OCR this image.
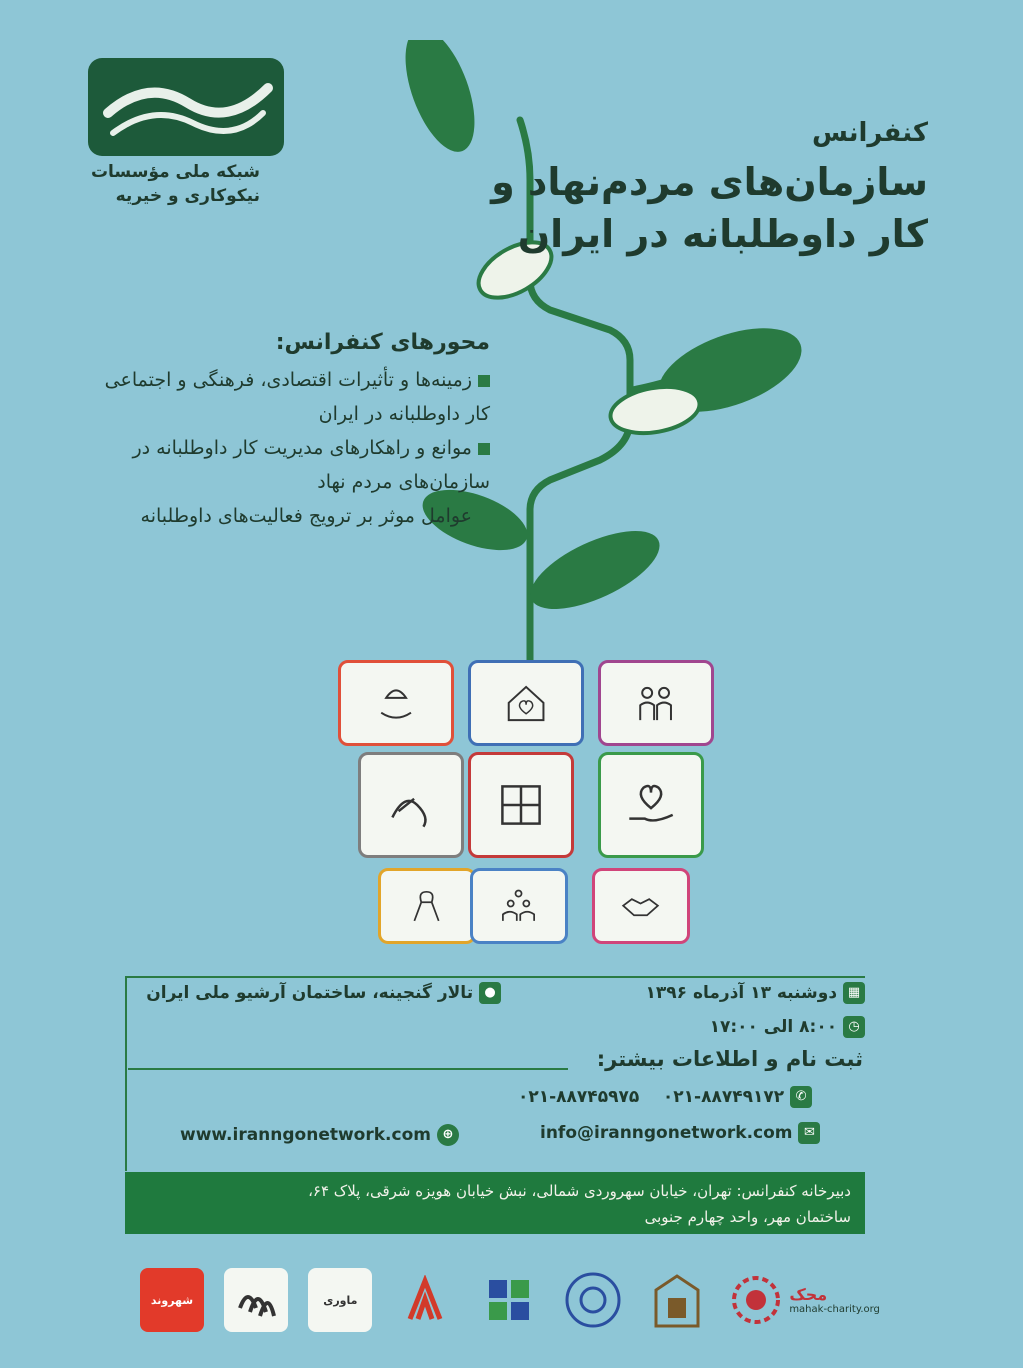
شبکه ملی مؤسسات
نیکوکاری و خیریه
کنفرانس
سازمان‌های مردم‌نهاد و
کار داوطلبانه در ایران
محورهای کنفرانس:
زمینه‌ها و تأثیرات اقتصادی، فرهنگی و اجتماعی کار داوطلبانه در ایران
موانع و راهکارهای مدیریت کار داوطلبانه در سازمان‌های مردم نهاد
عوامل موثر بر ترویج فعالیت‌های داوطلبانه
▦ دوشنبه ۱۳ آذرماه ۱۳۹۶
◷ ۸:۰۰ الی ۱۷:۰۰
● تالار گنجینه، ساختمان آرشیو ملی ایران
ثبت نام و اطلاعات بیشتر:
۰۲۱-۸۸۷۴۵۹۷۵ ۰۲۱-۸۸۷۴۹۱۷۲ ✆
info@iranngonetwork.com ✉
www.iranngonetwork.com ⊕
دبیرخانه کنفرانس: تهران، خیابان سهروردی شمالی، نبش خیابان هویزه شرقی، پلاک ۶۴،
ساختمان مهر، واحد چهارم جنوبی
شهروند	ماوری	محک
mahak-charity.org
